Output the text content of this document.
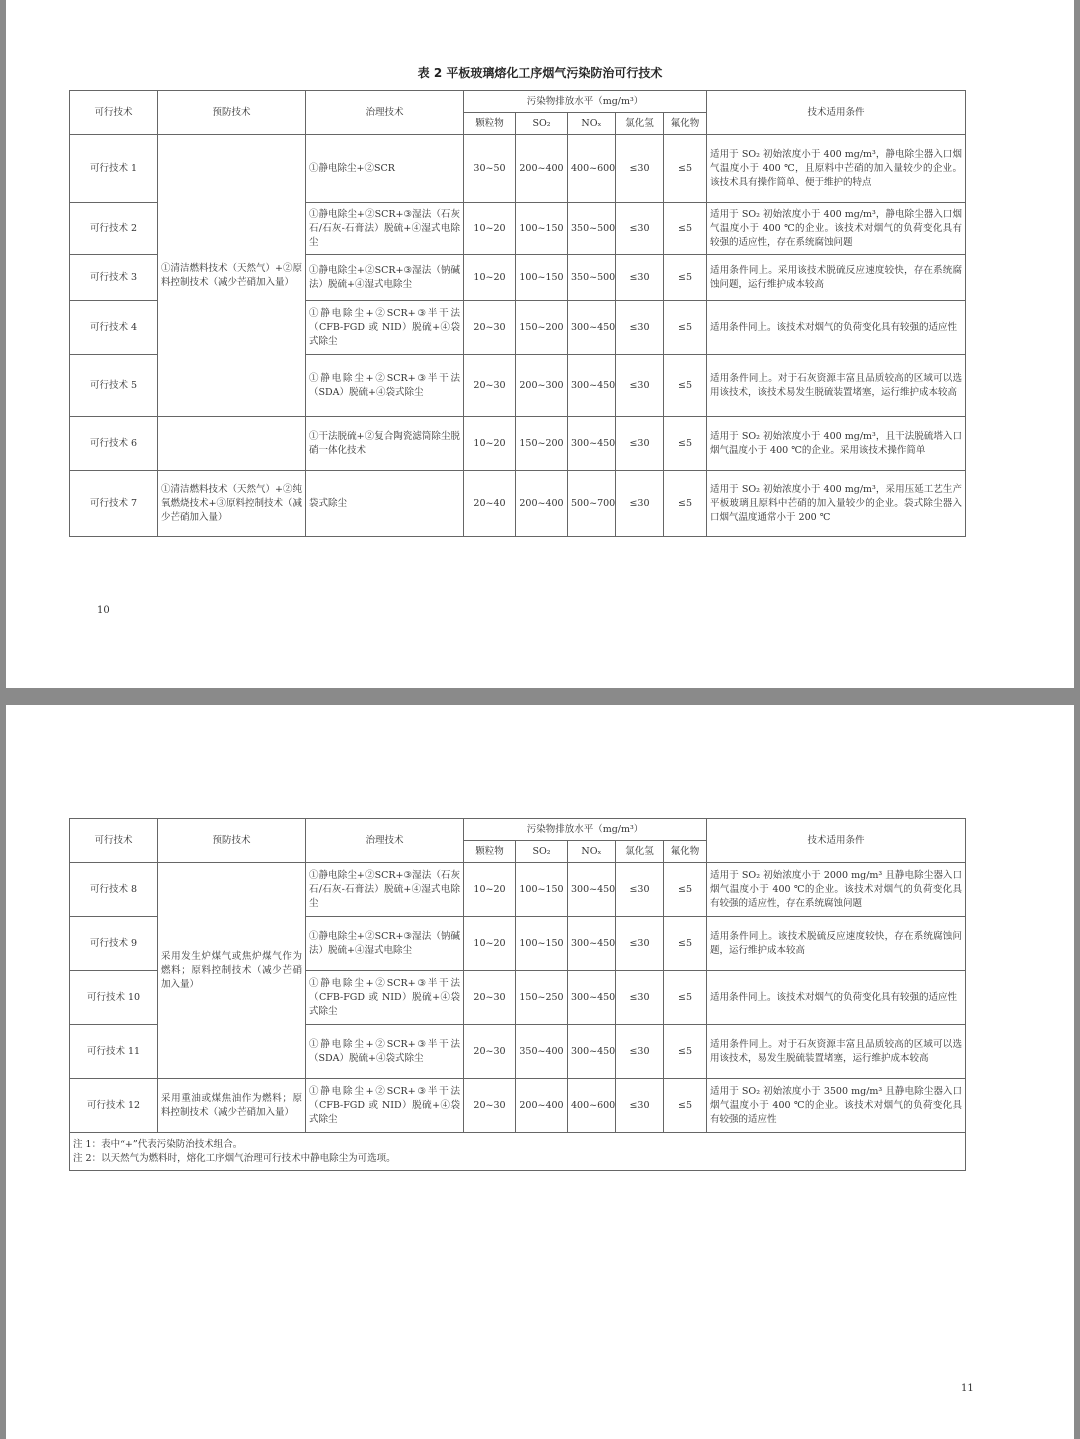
表 2 平板玻璃熔化工序烟气污染防治可行技术
可行技术	预防技术	治理技术	污染物排放水平（mg/m³）					技术适用条件
			颗粒物	SO₂	NOₓ	氯化氢	氟化物	
可行技术 1	①清洁燃料技术（天然气）+②原料控制技术（减少芒硝加入量）	①静电除尘+②SCR	30~50	200~400	400~600	≤30	≤5	适用于 SO₂ 初始浓度小于 400 mg/m³，静电除尘器入口烟气温度小于 400 ℃，且原料中芒硝的加入量较少的企业。该技术具有操作简单、便于维护的特点
可行技术 2		①静电除尘+②SCR+③湿法（石灰石/石灰-石膏法）脱硫+④湿式电除尘	10~20	100~150	350~500	≤30	≤5	适用于 SO₂ 初始浓度小于 400 mg/m³，静电除尘器入口烟气温度小于 400 ℃的企业。该技术对烟气的负荷变化具有较强的适应性，存在系统腐蚀问题
可行技术 3		①静电除尘+②SCR+③湿法（钠碱法）脱硫+④湿式电除尘	10~20	100~150	350~500	≤30	≤5	适用条件同上。采用该技术脱硫反应速度较快，存在系统腐蚀问题，运行维护成本较高
可行技术 4		①静电除尘+②SCR+③半干法（CFB-FGD 或 NID）脱硫+④袋式除尘	20~30	150~200	300~450	≤30	≤5	适用条件同上。该技术对烟气的负荷变化具有较强的适应性
可行技术 5		①静电除尘+②SCR+③半干法（SDA）脱硫+④袋式除尘	20~30	200~300	300~450	≤30	≤5	适用条件同上。对于石灰资源丰富且品质较高的区域可以选用该技术，该技术易发生脱硫装置堵塞，运行维护成本较高
可行技术 6		①干法脱硫+②复合陶瓷滤筒除尘脱硝一体化技术	10~20	150~200	300~450	≤30	≤5	适用于 SO₂ 初始浓度小于 400 mg/m³，且干法脱硫塔入口烟气温度小于 400 ℃的企业。采用该技术操作简单
可行技术 7	①清洁燃料技术（天然气）+②纯氧燃烧技术+③原料控制技术（减少芒硝加入量）	袋式除尘	20~40	200~400	500~700	≤30	≤5	适用于 SO₂ 初始浓度小于 400 mg/m³，采用压延工艺生产平板玻璃且原料中芒硝的加入量较少的企业。袋式除尘器入口烟气温度通常小于 200 ℃
10
可行技术	预防技术	治理技术	污染物排放水平（mg/m³）					技术适用条件
			颗粒物	SO₂	NOₓ	氯化氢	氟化物	
可行技术 8	采用发生炉煤气或焦炉煤气作为燃料；原料控制技术（减少芒硝加入量）	①静电除尘+②SCR+③湿法（石灰石/石灰-石膏法）脱硫+④湿式电除尘	10~20	100~150	300~450	≤30	≤5	适用于 SO₂ 初始浓度小于 2000 mg/m³ 且静电除尘器入口烟气温度小于 400 ℃的企业。该技术对烟气的负荷变化具有较强的适应性，存在系统腐蚀问题
可行技术 9		①静电除尘+②SCR+③湿法（钠碱法）脱硫+④湿式电除尘	10~20	100~150	300~450	≤30	≤5	适用条件同上。该技术脱硫反应速度较快，存在系统腐蚀问题，运行维护成本较高
可行技术 10		①静电除尘+②SCR+③半干法（CFB-FGD 或 NID）脱硫+④袋式除尘	20~30	150~250	300~450	≤30	≤5	适用条件同上。该技术对烟气的负荷变化具有较强的适应性
可行技术 11		①静电除尘+②SCR+③半干法（SDA）脱硫+④袋式除尘	20~30	350~400	300~450	≤30	≤5	适用条件同上。对于石灰资源丰富且品质较高的区域可以选用该技术，易发生脱硫装置堵塞，运行维护成本较高
可行技术 12	采用重油或煤焦油作为燃料；原料控制技术（减少芒硝加入量）	①静电除尘+②SCR+③半干法（CFB-FGD 或 NID）脱硫+④袋式除尘	20~30	200~400	400~600	≤30	≤5	适用于 SO₂ 初始浓度小于 3500 mg/m³ 且静电除尘器入口烟气温度小于 400 ℃的企业。该技术对烟气的负荷变化具有较强的适应性

注 1：表中“+”代表污染防治技术组合。
注 2：以天然气为燃料时，熔化工序烟气治理可行技术中静电除尘为可选项。								
11
